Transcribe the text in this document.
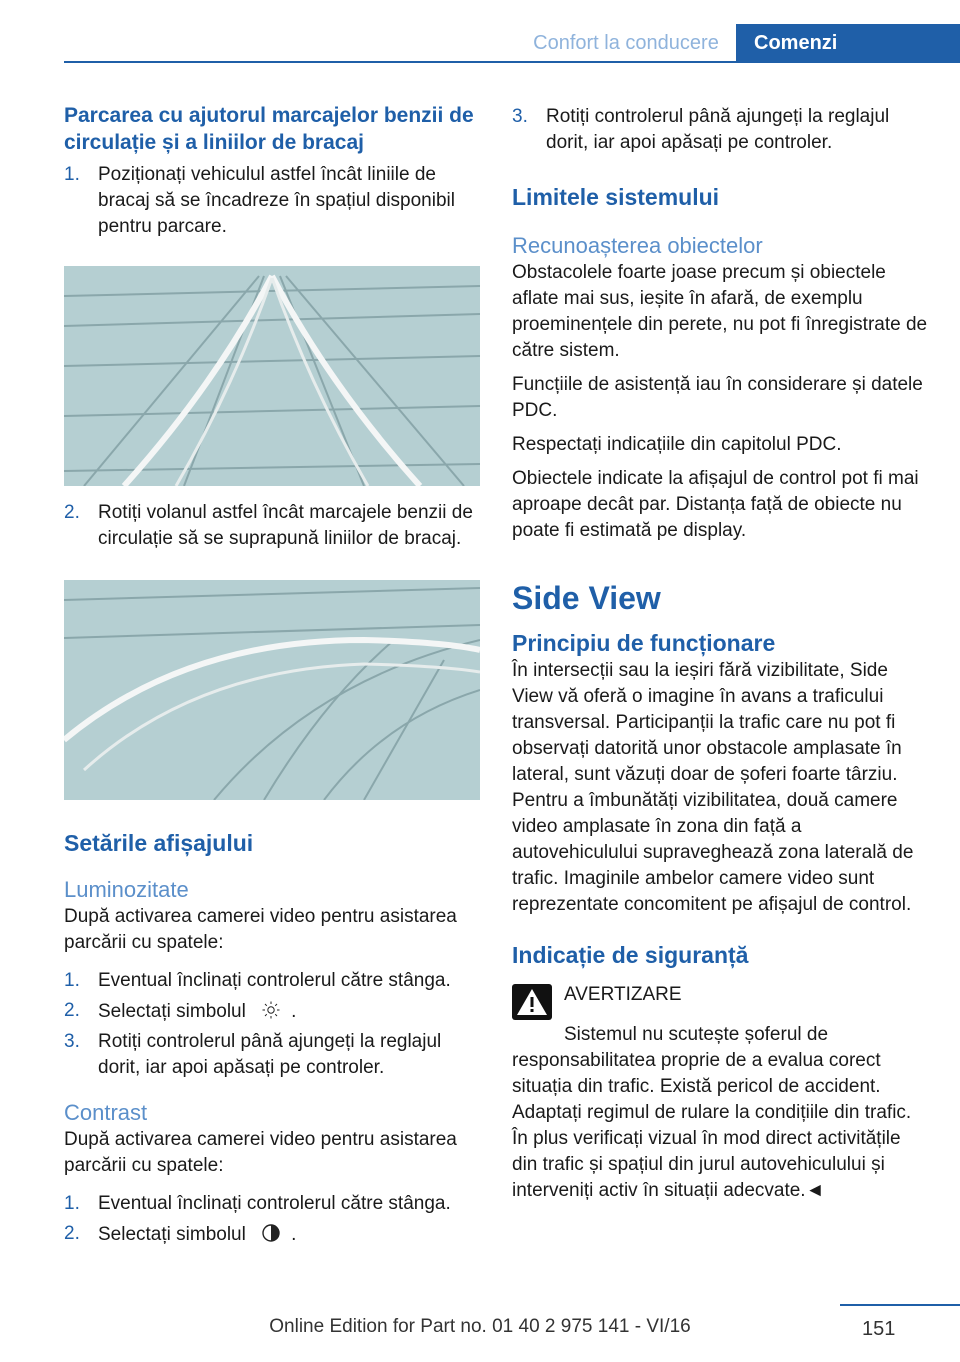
Confort la conducere	Comenzi
Parcarea cu ajutorul marcajelor benzii de circulație și a liniilor de bracaj
1. Poziționați vehiculul astfel încât liniile de bracaj să se încadreze în spațiul disponibil pentru parcare.
2. Rotiți volanul astfel încât marcajele benzii de circulație să se suprapună liniilor de bracaj.
Setările afișajului
Luminozitate
După activarea camerei video pentru asistarea parcării cu spatele:
1. Eventual înclinați controlerul către stânga.
2. Selectați simbolul .
3. Rotiți controlerul până ajungeți la reglajul dorit, iar apoi apăsați pe controler.
Contrast
După activarea camerei video pentru asistarea parcării cu spatele:
1. Eventual înclinați controlerul către stânga.
2. Selectați simbolul .
3. Rotiți controlerul până ajungeți la reglajul dorit, iar apoi apăsați pe controler.
Limitele sistemului
Recunoașterea obiectelor
Obstacolele foarte joase precum și obiectele aflate mai sus, ieșite în afară, de exemplu proeminențele din perete, nu pot fi înregistrate de către sistem.
Funcțiile de asistență iau în considerare și datele PDC.
Respectați indicațiile din capitolul PDC.
Obiectele indicate la afișajul de control pot fi mai aproape decât par. Distanța față de obiecte nu poate fi estimată pe display.
Side View
Principiu de funcționare
În intersecții sau la ieșiri fără vizibilitate, Side View vă oferă o imagine în avans a traficului transversal. Participanții la trafic care nu pot fi observați datorită unor obstacole amplasate în lateral, sunt văzuți doar de șoferi foarte târziu. Pentru a îmbunătăți vizibilitatea, două camere video amplasate în zona din față a autovehiculului supraveghează zona laterală de trafic. Imaginile ambelor camere video sunt reprezentate concomitent pe afișajul de control.
Indicație de siguranță
AVERTIZARE
Sistemul nu scutește șoferul de responsabilitatea proprie de a evalua corect situația din trafic. Există pericol de accident. Adaptați regimul de rulare la condițiile din trafic. În plus verificați vizual în mod direct activitățile din trafic și spațiul din jurul autovehiculului și interveniți activ în situații adecvate.◄
151
Online Edition for Part no. 01 40 2 975 141 - VI/16
